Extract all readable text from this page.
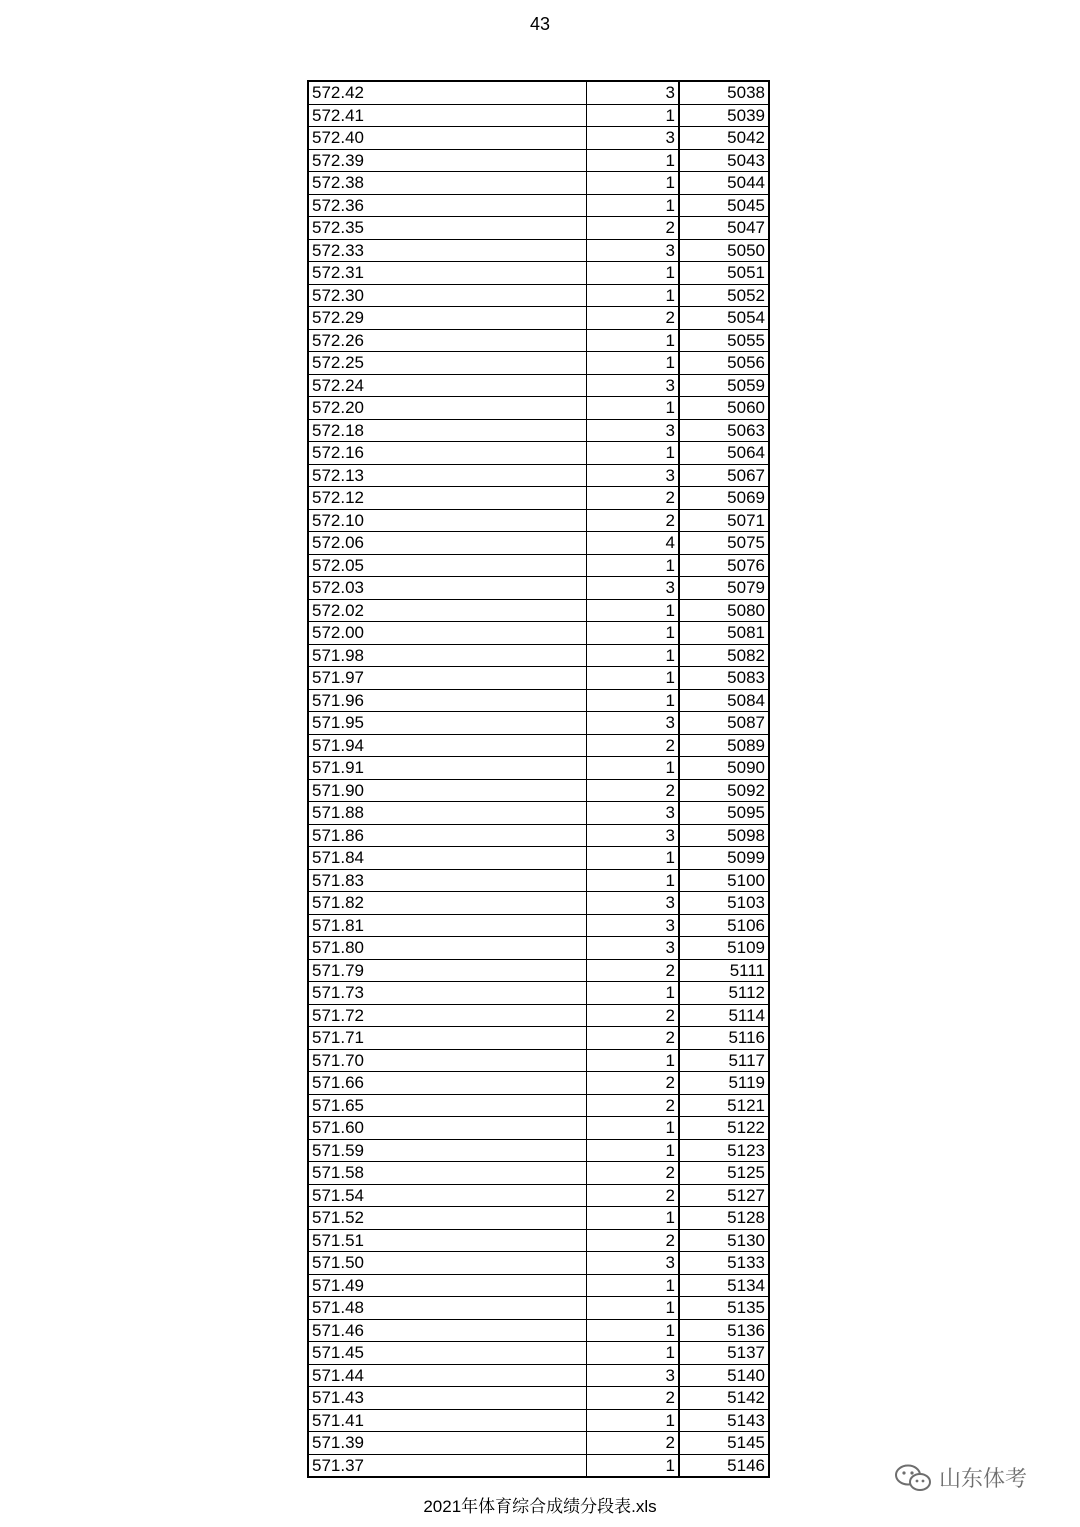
43
572.42	3	5038
572.41	1	5039
572.40	3	5042
572.39	1	5043
572.38	1	5044
572.36	1	5045
572.35	2	5047
572.33	3	5050
572.31	1	5051
572.30	1	5052
572.29	2	5054
572.26	1	5055
572.25	1	5056
572.24	3	5059
572.20	1	5060
572.18	3	5063
572.16	1	5064
572.13	3	5067
572.12	2	5069
572.10	2	5071
572.06	4	5075
572.05	1	5076
572.03	3	5079
572.02	1	5080
572.00	1	5081
571.98	1	5082
571.97	1	5083
571.96	1	5084
571.95	3	5087
571.94	2	5089
571.91	1	5090
571.90	2	5092
571.88	3	5095
571.86	3	5098
571.84	1	5099
571.83	1	5100
571.82	3	5103
571.81	3	5106
571.80	3	5109
571.79	2	5111
571.73	1	5112
571.72	2	5114
571.71	2	5116
571.70	1	5117
571.66	2	5119
571.65	2	5121
571.60	1	5122
571.59	1	5123
571.58	2	5125
571.54	2	5127
571.52	1	5128
571.51	2	5130
571.50	3	5133
571.49	1	5134
571.48	1	5135
571.46	1	5136
571.45	1	5137
571.44	3	5140
571.43	2	5142
571.41	1	5143
571.39	2	5145
571.37	1	5146
山东体考
2021年体育综合成绩分段表.xls
